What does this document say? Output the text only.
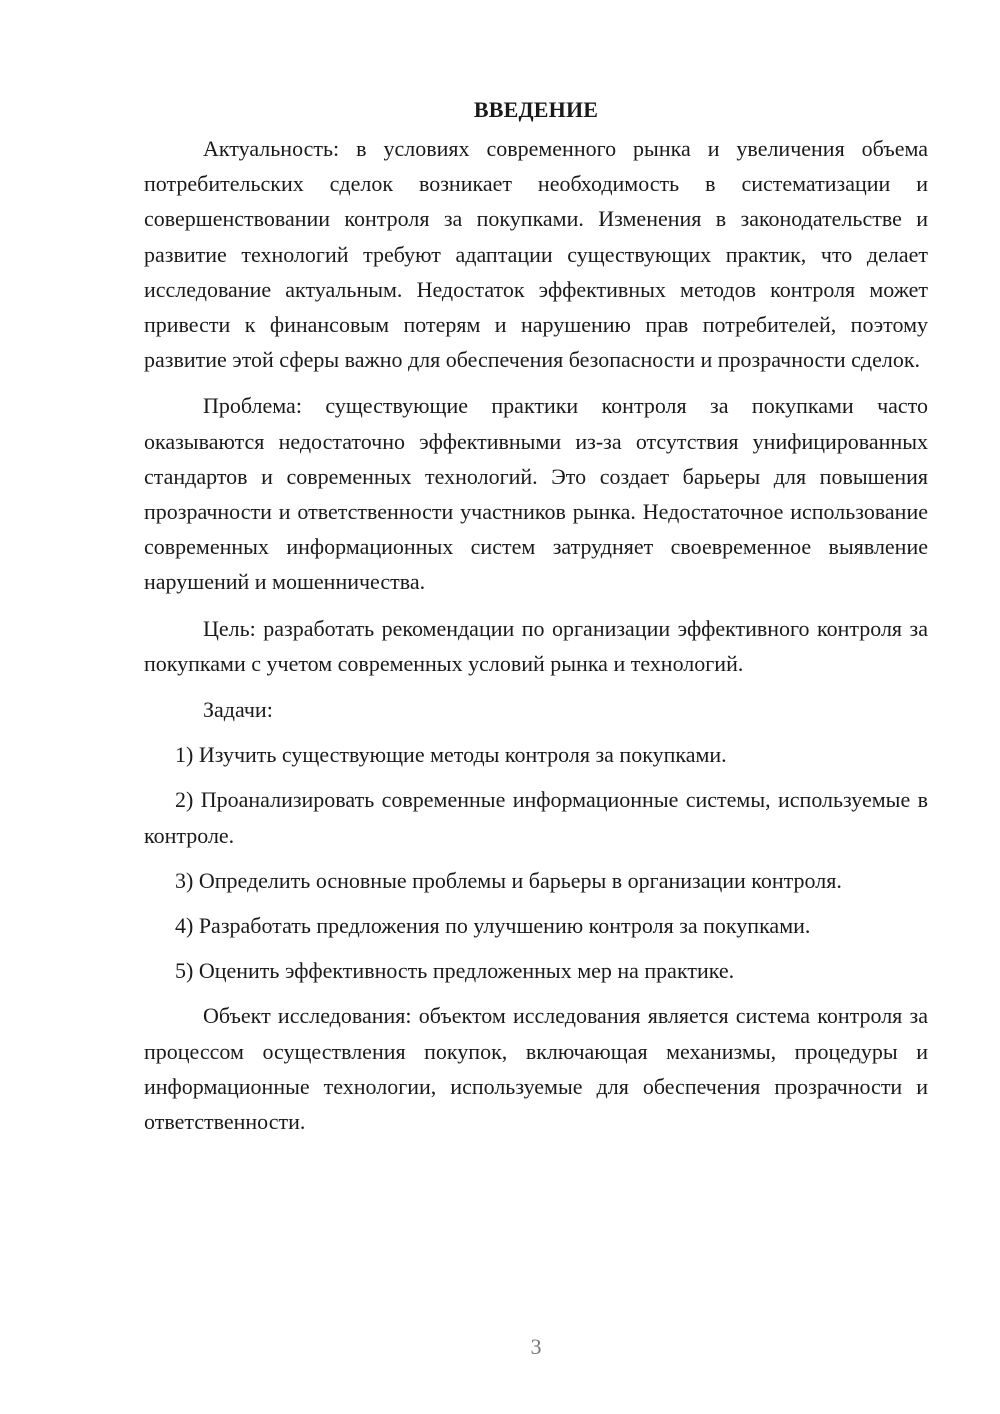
ВВЕДЕНИЕ

Актуальность: в условиях современного рынка и увеличения объема потребительских сделок возникает необходимость в систематизации и совершенствовании контроля за покупками. Изменения в законодательстве и развитие технологий требуют адаптации существующих практик, что делает исследование актуальным. Недостаток эффективных методов контроля может привести к финансовым потерям и нарушению прав потребителей, поэтому развитие этой сферы важно для обеспечения безопасности и прозрачности сделок.

Проблема: существующие практики контроля за покупками часто оказываются недостаточно эффективными из-за отсутствия унифицированных стандартов и современных технологий. Это создает барьеры для повышения прозрачности и ответственности участников рынка. Недостаточное использование современных информационных систем затрудняет своевременное выявление нарушений и мошенничества.

Цель: разработать рекомендации по организации эффективного контроля за покупками с учетом современных условий рынка и технологий.

Задачи:

1) Изучить существующие методы контроля за покупками.

2) Проанализировать современные информационные системы, используемые в контроле.

3) Определить основные проблемы и барьеры в организации контроля.

4) Разработать предложения по улучшению контроля за покупками.

5) Оценить эффективность предложенных мер на практике.

Объект исследования: объектом исследования является система контроля за процессом осуществления покупок, включающая механизмы, процедуры и информационные технологии, используемые для обеспечения прозрачности и ответственности.

3
